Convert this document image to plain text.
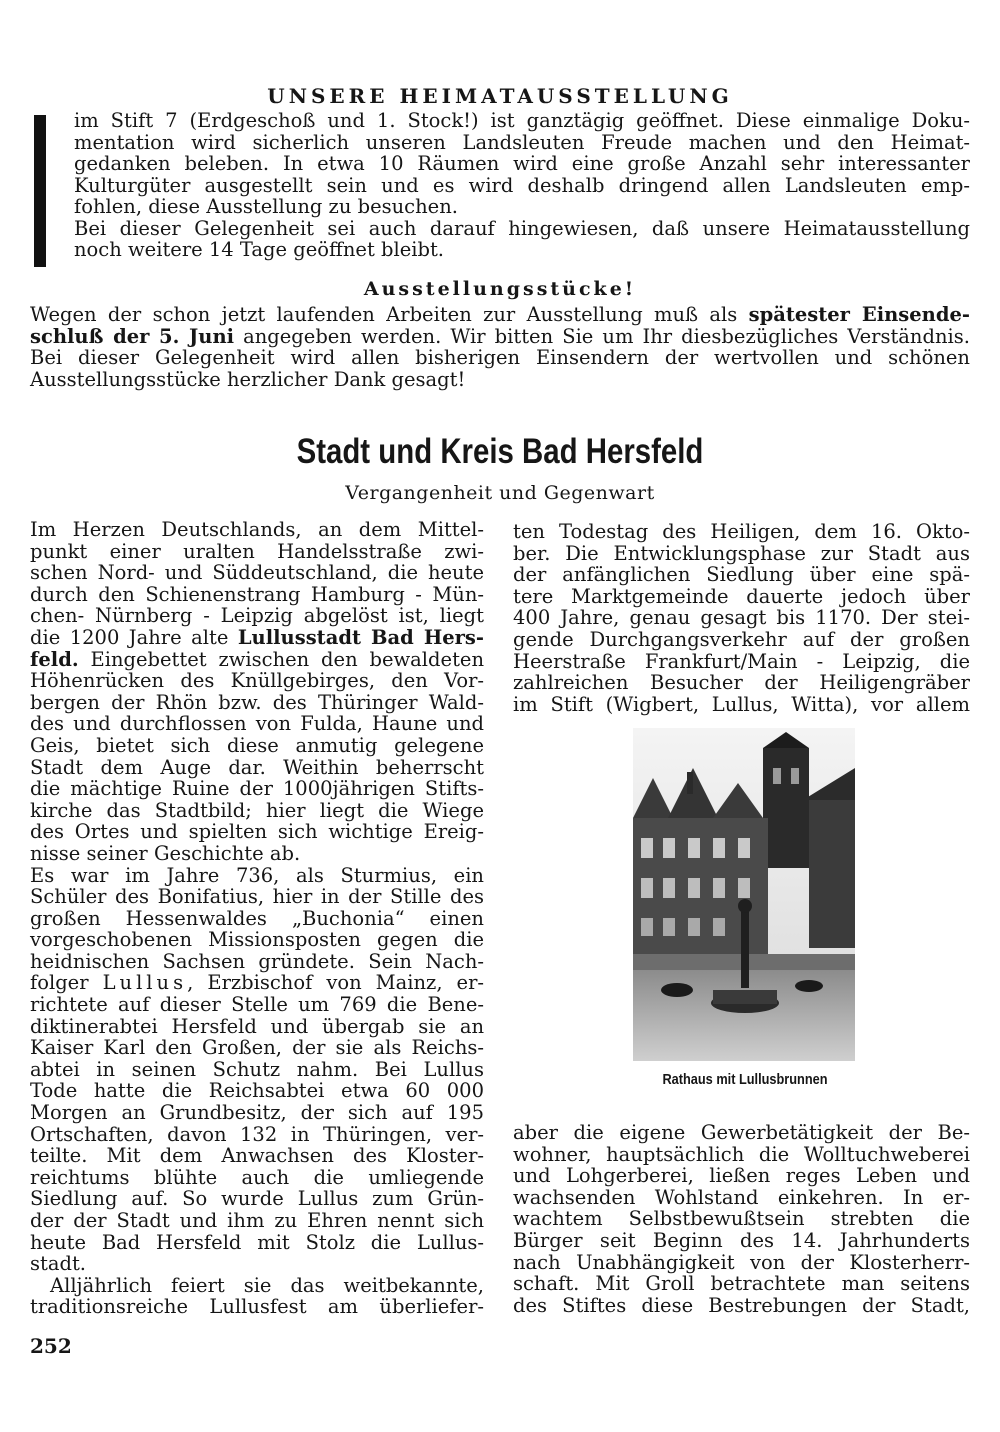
UNSERE HEIMATAUSSTELLUNG

im Stift 7 (Erdgeschoß und 1. Stock!) ist ganztägig geöffnet. Diese einmalige Doku-
mentation wird sicherlich unseren Landsleuten Freude machen und den Heimat-
gedanken beleben. In etwa 10 Räumen wird eine große Anzahl sehr interessanter
Kulturgüter ausgestellt sein und es wird deshalb dringend allen Landsleuten emp-
fohlen, diese Ausstellung zu besuchen.
Bei dieser Gelegenheit sei auch darauf hingewiesen, daß unsere Heimatausstellung
noch weitere 14 Tage geöffnet bleibt.

Ausstellungsstücke!

Wegen der schon jetzt laufenden Arbeiten zur Ausstellung muß als spätester Einsende-
schluß der 5. Juni angegeben werden. Wir bitten Sie um Ihr diesbezügliches Verständnis.
Bei dieser Gelegenheit wird allen bisherigen Einsendern der wertvollen und schönen
Ausstellungsstücke herzlicher Dank gesagt!

Stadt und Kreis Bad Hersfeld

Vergangenheit und Gegenwart

Im Herzen Deutschlands, an dem Mittel-
punkt einer uralten Handelsstraße zwi-
schen Nord- und Süddeutschland, die heute
durch den Schienenstrang Hamburg - Mün-
chen- Nürnberg - Leipzig abgelöst ist, liegt
die 1200 Jahre alte Lullusstadt Bad Hers-
feld. Eingebettet zwischen den bewaldeten
Höhenrücken des Knüllgebirges, den Vor-
bergen der Rhön bzw. des Thüringer Wald-
des und durchflossen von Fulda, Haune und
Geis, bietet sich diese anmutig gelegene
Stadt dem Auge dar. Weithin beherrscht
die mächtige Ruine der 1000jährigen Stifts-
kirche das Stadtbild; hier liegt die Wiege
des Ortes und spielten sich wichtige Ereig-
nisse seiner Geschichte ab.
Es war im Jahre 736, als Sturmius, ein
Schüler des Bonifatius, hier in der Stille des
großen Hessenwaldes „Buchonia“ einen
vorgeschobenen Missionsposten gegen die
heidnischen Sachsen gründete. Sein Nach-
folger Lullus, Erzbischof von Mainz, er-
richtete auf dieser Stelle um 769 die Bene-
diktinerabtei Hersfeld und übergab sie an
Kaiser Karl den Großen, der sie als Reichs-
abtei in seinen Schutz nahm. Bei Lullus
Tode hatte die Reichsabtei etwa 60 000
Morgen an Grundbesitz, der sich auf 195
Ortschaften, davon 132 in Thüringen, ver-
teilte. Mit dem Anwachsen des Kloster-
reichtums blühte auch die umliegende
Siedlung auf. So wurde Lullus zum Grün-
der der Stadt und ihm zu Ehren nennt sich
heute Bad Hersfeld mit Stolz die Lullus-
stadt.
Alljährlich feiert sie das weitbekannte,
traditionsreiche Lullusfest am überliefer-

ten Todestag des Heiligen, dem 16. Okto-
ber. Die Entwicklungsphase zur Stadt aus
der anfänglichen Siedlung über eine spä-
tere Marktgemeinde dauerte jedoch über
400 Jahre, genau gesagt bis 1170. Der stei-
gende Durchgangsverkehr auf der großen
Heerstraße Frankfurt/Main - Leipzig, die
zahlreichen Besucher der Heiligengräber
im Stift (Wigbert, Lullus, Witta), vor allem

Rathaus mit Lullusbrunnen

aber die eigene Gewerbetätigkeit der Be-
wohner, hauptsächlich die Wolltuchweberei
und Lohgerberei, ließen reges Leben und
wachsenden Wohlstand einkehren. In er-
wachtem Selbstbewußtsein strebten die
Bürger seit Beginn des 14. Jahrhunderts
nach Unabhängigkeit von der Klosterherr-
schaft. Mit Groll betrachtete man seitens
des Stiftes diese Bestrebungen der Stadt,

252
